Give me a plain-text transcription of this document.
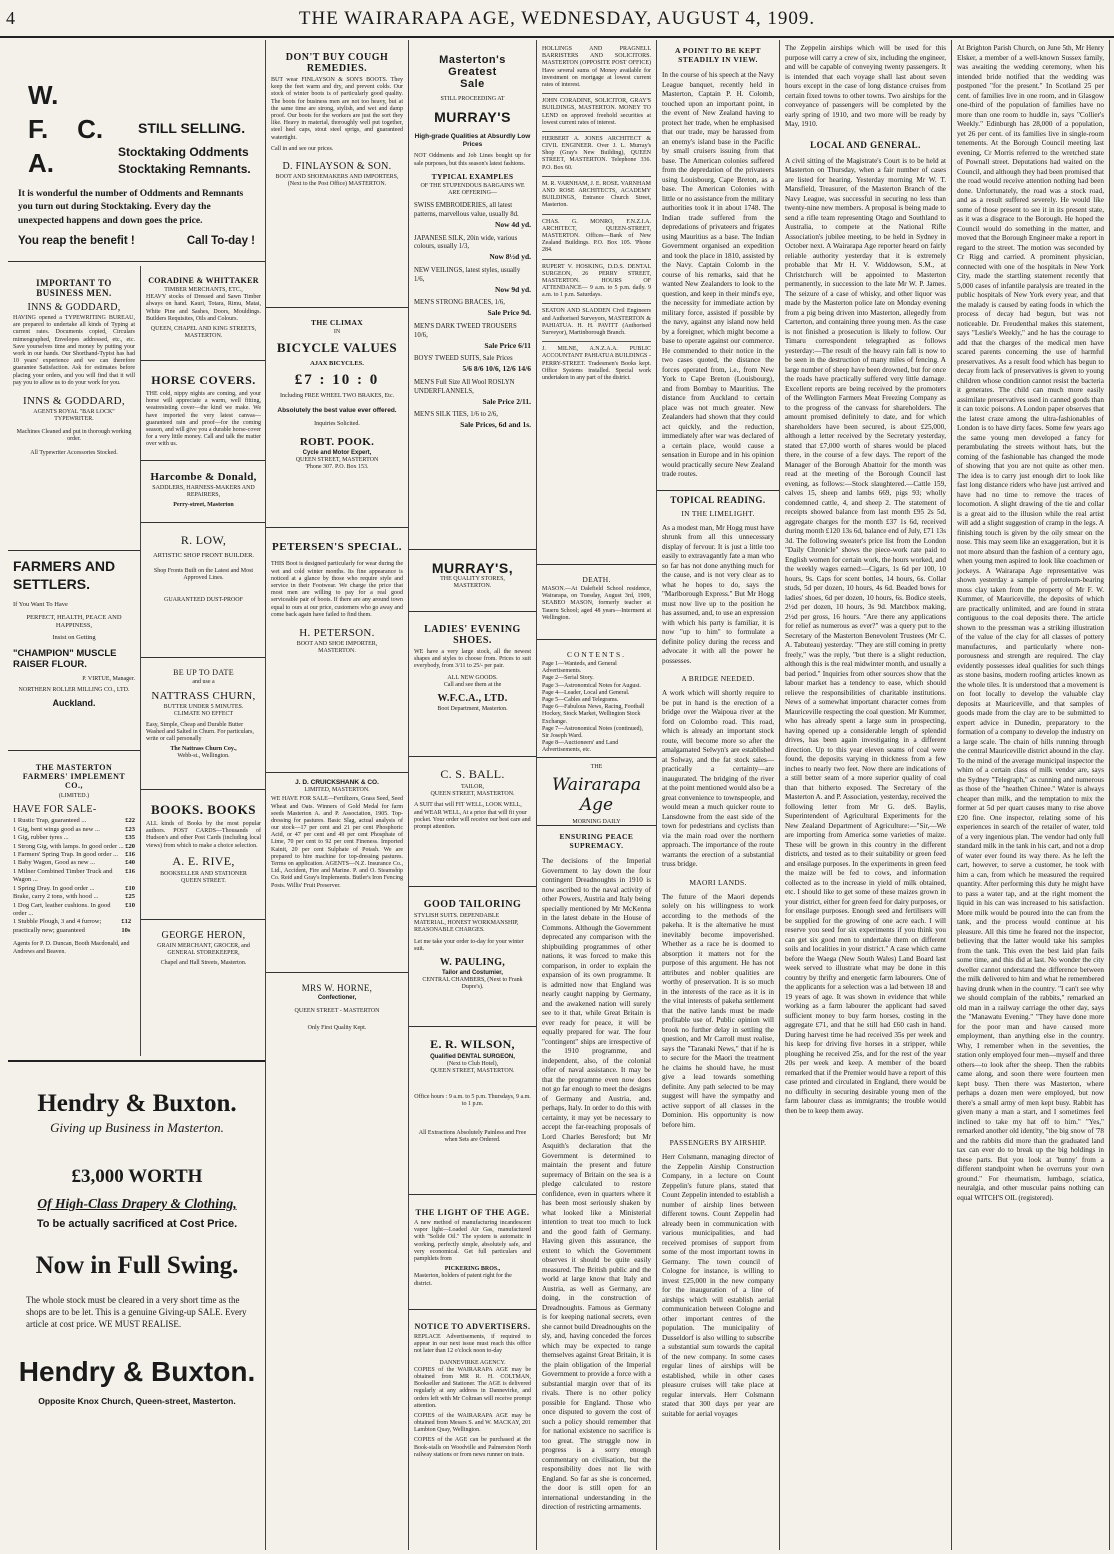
4	THE WAIRARAPA AGE, WEDNESDAY, AUGUST 4, 1909.
W.
F.    C.
A.
STILL SELLING.
Stocktaking Oddments
Stocktaking Remnants.
It is wonderful the number of Oddments and Remnants you turn out during Stocktaking. Every day the unexpected happens and down goes the price.
You reap the benefit !	Call To-day !
IMPORTANT TO BUSINESS MEN.
INNS & GODDARD,
HAVING opened a TYPEWRITING BUREAU, are prepared to undertake all kinds of Typing at current rates. Documents copied, Circulars mimeographed, Envelopes addressed, etc., etc. Save yourselves time and money by putting your work in our hands. Our Shorthand-Typist has had 10 years' experience and we can therefore guarantee Satisfaction. Ask for estimates before placing your orders, and you will find that it will pay you to allow us to do your work for you.
INNS & GODDARD,
AGENTS ROYAL "BAR LOCK" TYPEWRITER.
Machines Cleaned and put in thorough working order.
All Typewriter Accessories Stocked.
FARMERS AND SETTLERS.
If You Want To Have
PERFECT, HEALTH, PEACE AND HAPPINESS,
Insist on Getting
"CHAMPION" MUSCLE RAISER FLOUR.
P. VIRTUE, Manager.
NORTHERN ROLLER MILLING CO., LTD.
Auckland.
THE MASTERTON FARMERS' IMPLEMENT CO.,
(LIMITED.)
HAVE FOR SALE-
1 Rustic Trap, guaranteed ...	£22
1 Gig, bent wings good as new ...	£23
1 Gig, rubber tyres ...	£35
1 Strong Gig, with lamps. In good order ... £20
1 Farmers' Spring Trap. In good order ... £16
1 Baby Wagon, Good as new ...	£40
1 Milner Combined Timber Truck and Wagon ...
£16
1 Spring Dray. In good order ...	£10
Brake, carry 2 tons, with hood ...	£25
1 Dog Cart, leather cushions. In good order ...
£10
1 Stubble Plough, 3 and 4 furrow; practically new; guaranteed
£12 10s
Agents for P. D. Duncan, Booth Macdonald, and Andrews and Beaven.
CORADINE & WHITTAKER
TIMBER MERCHANTS, ETC.,
HEAVY stocks of Dressed and Sawn Timber always on hand. Kauri, Totara, Rimu, Matai, White Pine and Sashes, Doors, Mouldings. Builders Requisites, Oils and Colours.
QUEEN, CHAPEL AND KING STREETS, MASTERTON.
HORSE COVERS.
THE cold, nippy nights are coming, and your horse will appreciate a warm, well fitting, weatresisting cover—the kind we make. We have imported the very latest canvas—guaranteed rain and proof—for the coming season, and will give you a durable horse-cover for a very little money. Call and talk the matter over with us.
Harcombe & Donald,
SADDLERS, HARNESS-MAKERS AND REPAIRERS,
Perry-street, Masterton
R. LOW,
ARTISTIC SHOP FRONT BUILDER.
Shop Fronts Built on the Latest and Most Approved Lines.
GUARANTEED DUST-PROOF
BE UP TO DATE
and use a
NATTRASS CHURN,
BUTTER UNDER 5 MINUTES.
CLIMATE NO EFFECT
Easy, Simple, Cheap and Durable Butter Washed and Salted in Churn. For particulars, write or call personally
The Nattrass Churn Coy.,
Webb-st., Wellington.
BOOKS. BOOKS
ALL kinds of Books by the most popular authors. POST CARDS—Thousands of Hudson's and other Post Cards (including local views) from which to make a choice selection.
A. E. RIVE,
BOOKSELLER AND STATIONER
QUEEN STREET.
GEORGE HERON,
GRAIN MERCHANT, GROCER, and GENERAL STOREKEEPER,
Chapel and Hall Streets, Masterton.
Hendry & Buxton.
Giving up Business in Masterton.
£3,000 WORTH
Of High-Class Drapery & Clothing,
To be actually sacrificed at Cost Price.
Now in Full Swing.
The whole stock must be cleared in a very short time as the shops are to be let. This is a genuine Giving-up SALE. Every article at cost price. WE MUST REALISE.
Hendry & Buxton.
Opposite Knox Church, Queen-street, Masterton.
DON'T BUY COUGH REMEDIES.
BUT wear FINLAYSON & SON'S BOOTS. They keep the feet warm and dry, and prevent colds. Our stock of winter boots is of particularly good quality. The boots for business men are not too heavy, but at the same time are strong, stylish, and wet and damp proof. Our boots for the workers are just the sort they like. Heavy in material, thoroughly well put together, steel heel caps, stout steel sprigs, and guaranteed watertight.
Call in and see our prices.
D. FINLAYSON & SON.
BOOT AND SHOEMAKERS AND IMPORTERS,
(Next to the Post Office) MASTERTON.
THE CLIMAX
IN
BICYCLE VALUES
AJAX BICYCLES.
£7 : 10 : 0
Including FREE WHEEL TWO BRAKES, Etc.
Absolutely the best value ever offered.
Inquiries Solicited.
ROBT. POOK.
Cycle and Motor Expert,
QUEEN STREET, MASTERTON
'Phone 307. P.O. Box 153.
PETERSEN'S SPECIAL.
THIS Boot is designed particularly for wear during the wet and cold winter months. Its fine appearance is noticed at a glance by those who require style and service in their Footwear. We charge the price that most men are willing to pay for a real good serviceable pair of boots. If there are any around town equal to ours at our price, customers who go away and come back again have failed to find them.
H. PETERSON.
BOOT AND SHOE IMPORTER,
MASTERTON.
J. D. CRUICKSHANK & CO.
LIMITED, MASTERTON.
WE HAVE FOR SALE—Fertilizers, Grass Seed, Seed Wheat and Oats. Winners of Gold Medal for farm seeds Masterton A. and P. Association, 1905. Top-dressing for pastures. Basic Slag, actual analysis of our stock—17 per cent and 21 per cent Phosphoric Acid, or 47 per cent and 49 per cent Phosphate of Lime, 70 per cent to 92 per cent Fineness. Imported Kainit, 20 per cent Sulphate of Potash. We are prepared to hire machine for top-dressing pastures. Terms on application. AGENTS—N.Z. Insurance Co., Ltd., Accident, Fire and Marine. P. and O. Steamship Co. Reid and Gray's Implements. Butler's Iron Fencing Posts. Willis' Fruit Preserver.
MRS W. HORNE,
Confectioner,
QUEEN STREET - MASTERTON
Only First Quality Kept.
Masterton's
Greatest
Sale
STILL PROCEEDING AT
MURRAY'S
High-grade Qualities at Absurdly Low Prices
NOT Oddments and Job Lines bought up for sale purposes, but this season's latest fashions.
TYPICAL EXAMPLES
OF THE STUPENDOUS BARGAINS WE ARE OFFERING—
SWISS EMBROIDERIES, all latest patterns, marvellous value, usually 8d.
Now 4d yd.
JAPANESE SILK, 20in wide, various colours, usually 1/3,
Now 8½d yd.
NEW VEILINGS, latest styles, usually 1/6,
Now 9d yd.
MEN'S STRONG BRACES, 1/6,
Sale Price 9d.
MEN'S DARK TWEED TROUSERS 10/6,
Sale Price 6/11
BOYS' TWEED SUITS, Sale Prices
5/6 8/6 10/6, 12/6 14/6
MEN'S Full Size All Wool ROSLYN UNDERFLANNELS,
Sale Price 2/11.
MEN'S SILK TIES, 1/6 to 2/6,
Sale Prices, 6d and 1s.
MURRAY'S,
THE QUALITY STORES,
MASTERTON.
LADIES' EVENING SHOES.
WE have a very large stock, all the newest shapes and styles to choose from. Prices to suit everybody, from 3/11 to 25/- per pair.
ALL NEW GOODS.
Call and see them at the
W.F.C.A., LTD.
Boot Department, Masterton.
C. S. BALL.
TAILOR,
QUEEN STREET, MASTERTON.
A SUIT that will FIT WELL, LOOK WELL, and WEAR WELL, At a price that will fit your pocket. Your order will receive our best care and prompt attention.
GOOD TAILORING
STYLISH SUITS. DEPENDABLE MATERIAL, HONEST WORKMANSHIP, REASONABLE CHARGES.
Let me take your order to-day for your winter suit.
W. PAULING,
Tailor and Costumier,
CENTRAL CHAMBERS, (Next to Frank Dupre's).
E. R. WILSON,
Qualified DENTAL SURGEON,
(Next to Club Hotel),
QUEEN STREET, MASTERTON.
Office hours : 9 a.m. to 5 p.m. Thursdays, 9 a.m. to 1 p.m.
All Extractions Absolutely Painless and Free when Sets are Ordered.
THE LIGHT OF THE AGE.
A new method of manufacturing incandescent vapor light—Loaded Air Gas, manufactured with "Solide Oil." The system is automatic in working, perfectly simple, absolutely safe, and very economical. Get full particulars and pamphlets from
PICKERING BROS.,
Masterton, holders of patent right for the district.
NOTICE TO ADVERTISERS.
REPLACE Advertisements, if required to appear in our next issue must reach this office not later than 12 o'clock noon to-day
DANNEVIRKE AGENCY.
COPIES of the WAIRARAPA AGE may be obtained from MR R. H. COLTMAN, Bookseller and Stationer. The AGE is delivered regularly at any address in Dannevirke, and orders left with Mr Coltman will receive prompt attention.
COPIES of the WAIRARAPA AGE may be obtained from Messrs S. and W. MACKAY, 201 Lambton Quay, Wellington.
COPIES of the AGE can be purchased at the Book-stalls on Woodville and Palmerston North railway stations or from news runner on train.
HOLLINGS AND PRAGNELL BARRISTERS AND SOLICITORS. MASTERTON (OPPOSITE POST OFFICE) Have several sums of Money available for investment on mortgage at lowest current rates of interest.
JOHN CORADINE, SOLICITOR, GRAY'S BUILDINGS, MASTERTON. MONEY TO LEND on approved freehold securities at lowest current rates of interest.
HERBERT A. JONES ARCHITECT & CIVIL ENGINEER. Over J. L. Murray's Shop (Gray's New Building), QUEEN STREET, MASTERTON. Telephone 336. P.O. Box 60.
M. R. VARNHAM, J. E. ROSE. VARNHAM AND ROSE ARCHITECTS, ACADEMY BUILDINGS, Entrance Church Street, Masterton.
CHAS. G. MONRO, F.N.Z.I.A. ARCHITECT, QUEEN-STREET, MASTERTON. Offices—Bank of New Zealand Buildings. P.O. Box 105. 'Phone 284.
RUPERT V. HOSKING, D.D.S. DENTAL SURGEON, 26 PERRY STREET, MASTERTON. HOURS OF ATTENDANCE— 9 a.m. to 5 p.m. daily. 9 a.m. to 1 p.m. Saturdays.
SEATON AND SLADDEN Civil Engineers and Authorised Surveyors, MASTERTON & PAHIATUA. H. H. PAVITT (Authorised Surveyor), Martinborough Branch.
J. MILNE, A.N.Z.A.A. PUBLIC ACCOUNTANT PAHIATUA BUILDINGS - PERRY-STREET. Tradesmen's Books kept. Office Systems installed. Special work undertaken in any part of the district.
DEATH.
MASON.—At Dalefield School residence, Wairarapa, on Tuesday, August 3rd, 1909, SEABEO MASON, formerly teacher at Taueru School; aged 48 years—Interment at Wellington.
CONTENTS.
Page 1—Wanteds, and General Advertisements.
Page 2—Serial Story.
Page 3—Astronomical Notes for August.
Page 4—Leader, Local and General.
Page 5—Cables and Telegrams.
Page 6—Fabulous News, Racing, Football Hockey, Stock Market, Wellington Stock Exchange.
Page 7—Astronomical Notes (continued), Sir Joseph Ward.
Page 8—Auctioneers' and Land Advertisements, etc.
THE
Wairarapa Age
MORNING DAILY
ENSURING PEACE SUPREMACY.
The decisions of the Imperial Government to lay down the four contingent Dreadnoughts in 1910 is now ascribed to the naval activity of other Powers, Austria and Italy being specially mentioned by Mr McKenna in the latest debate in the House of Commons. Although the Government deprecated any comparison with the shipbuilding programmes of other nations, it was forced to make this comparison, in order to explain the expansion of its own programme. It is admitted now that England was nearly caught napping by Germany, and the awakened nation will surely see to it that, while Great Britain is ever ready for peace, it will be equally prepared for war. The four "contingent" ships are irrespective of the 1910 programme, and independent, also, of the colonial offer of naval assistance. It may be that the programme even now does not go far enough to meet the designs of Germany and Austria, and, perhaps, Italy. In order to do this with certainty, it may yet be necessary to accept the far-reaching proposals of Lord Charles Beresford; but Mr Asquith's declaration that the Government is determined to maintain the present and future supremacy of Britain on the sea is a pledge calculated to restore confidence, even in quarters where it has been most seriously shaken by what looked like a Ministerial intention to treat too much to luck and the good faith of Germany. Having given this assurance, the extent to which the Government observes it should be quite easily measured. The British public and the world at large know that Italy and Austria, as well as Germany, are doing, in the construction of Dreadnoughts. Famous as Germany is for keeping national secrets, even she cannot build Dreadnoughts on the sly, and, having conceded the forces which may be expected to range themselves against Great Britain, it is the plain obligation of the Imperial Government to provide a force with a substantial margin over that of its rivals. There is no other policy possible for England. Those who once disputed to govern the cost of such a policy should remember that for national existence no sacrifice is too great. The struggle now in progress is a sorry enough commentary on civilisation, but the responsibility does not lie with England. So far as she is concerned, the door is still open for an international understanding in the direction of restricting armaments.
A POINT TO BE KEPT STEADILY IN VIEW.
In the course of his speech at the Navy League banquet, recently held in Masterton, Captain P. H. Colomb, touched upon an important point, in the event of New Zealand having to protect her trade, when he emphasised that our trade, may be harassed from an enemy's island base in the Pacific by small cruisers issuing from that base. The American colonies suffered from the depredation of the privateers using Louisbourg, Cape Breton, as a base. The American Colonies with little or no assistance from the military authorities took it in about 1748. The Indian trade suffered from the depredations of privateers and frigates using Mauritius as a base. The Indian Government organised an expedition and took the place in 1810, assisted by the Navy. Captain Colomb in the course of his remarks, said that he wanted New Zealanders to look to the question, and keep in their mind's eye, the necessity for immediate action by military force, assisted if possible by the navy, against any island now held by a foreigner, which might become a base to operate against our commerce. He commended to their notice in the two cases quoted, the distance the forces operated from, i.e., from New York to Cape Breton (Louisbourg), and from Bombay to Mauritius. The distance from Auckland to certain place was not much greater. New Zealanders had shown that they could act quickly, and the reduction, immediately after war was declared of a certain place, would cause a sensation in Europe and in his opinion would practically secure New Zealand trade routes.
TOPICAL READING.
IN THE LIMELIGHT.
As a modest man, Mr Hogg must have shrunk from all this unnecessary display of fervour. It is just a little too easily to extravagantly fate a man who so far has not done anything much for the cause, and is not very clear as to what he hopes to do, says the "Marlborough Express." But Mr Hogg must now live up to the position he has assumed, and, to use an expression with which his party is familiar, it is now "up to him" to formulate a definite policy during the recess and advocate it with all the power he possesses.
A BRIDGE NEEDED.
A work which will shortly require to be put in hand is the erection of a bridge over the Waipoua river at the ford on Colombo road. This road, which is already an important stock route, will become more so after the amalgamated Selwyn's are established at Solway, and the fat stock sales—practically a certainty—are inaugurated. The bridging of the river at the point mentioned would also be a great convenience to townspeople, and would mean a much quicker route to Lansdowne from the east side of the town for pedestrians and cyclists than via the main road over the northern approach. The importance of the route warrants the erection of a substantial truss bridge.
MAORI LANDS.
The future of the Maori depends solely on his willingness to work according to the methods of the pakeha. It is the alternative he must inevitably become impoverished. Whether as a race he is doomed to absorption it matters not for the purpose of this argument. He has not attributes and nobler qualities are worthy of preservation. It is so much in the interests of the race as it is in the vital interests of pakeha settlement that the native lands must be made profitable use of. Public opinion will brook no further delay in settling the question, and Mr Carroll must realise, says the "Taranaki News," that if he is to secure for the Maori the treatment he claims he should have, he must give a lead towards something definite. Any path selected to be may suggest will have the sympathy and active support of all classes in the Dominion. His opportunity is now before him.
PASSENGERS BY AIRSHIP.
Herr Colsmann, managing director of the Zeppelin Airship Construction Company, in a lecture on Count Zeppelin's future plans, stated that Count Zeppelin intended to establish a number of airship lines between different towns. Count Zeppelin had already been in communication with various municipalities, and had received promises of support from some of the most important towns in Germany. The town council of Cologne for instance, is willing to invest £25,000 in the new company for the inauguration of a line of airships which will establish aerial communication between Cologne and other important centres of the population. The municipality of Dusseldorf is also willing to subscribe a substantial sum towards the capital of the new company. In some cases regular lines of airships will be established, while in other cases pleasure cruises will take place at regular intervals. Herr Colsmann stated that 300 days per year are suitable for aerial voyages
The Zeppelin airships which will be used for this purpose will carry a crew of six, including the engineer, and will be capable of conveying twenty passengers. It is intended that each voyage shall last about seven hours except in the case of long distance cruises from certain fixed towns to other towns. Two airships for the conveyance of passengers will be completed by the early spring of 1910, and two more will be ready by May, 1910.
LOCAL AND GENERAL.
A civil sitting of the Magistrate's Court is to be held at Masterton on Thursday, when a fair number of cases are listed for hearing. Yesterday morning Mr W. T. Mansfield, Treasurer, of the Masterton Branch of the Navy League, was successful in securing no less than twenty-nine new members. A proposal is being made to send a rifle team representing Otago and Southland to Australia, to compete at the National Rifle Association's jubilee meeting, to be held in Sydney in October next. A Wairarapa Age reporter heard on fairly reliable authority yesterday that it is extremely probable that Mr H. V. Widdowson, S.M., at Christchurch will be appointed to Masterton permanently, in succession to the late Mr W. P. James. The seizure of a case of whisky, and other liquor was made by the Masterton police late on Monday evening from a pig being driven into Masterton, allegedly from Carterton, and containing three young men. As the case is not finished a prosecution is likely to follow. Our Timaru correspondent telegraphed as follows yesterday:—The result of the heavy rain fall is now to be seen in the destruction of many miles of fencing. A large number of sheep have been drowned, but for once the roads have practically suffered very little damage. Excellent reports are being received by the promoters of the Wellington Farmers Meat Freezing Company as to the progress of the canvass for shareholders. The amount promised definitely to date, and for which shareholders have been secured, is about £25,000, although a letter received by the Secretary yesterday, stated that £7,000 worth of shares would be placed there, in the course of a few days. The report of the Manager of the Borough Abattoir for the month was read at the meeting of the Borough Council last evening, as follows:—Stock slaughtered.—Cattle 159, calves 15, sheep and lambs 669, pigs 93; wholly condemned cattle, 4, and sheep 2. The statement of receipts showed balance from last month £95 2s 5d, aggregate charges for the month £37 1s 6d, received during month £120 13s 6d, balance end of July, £71 13s 3d. The following sweater's price list from the London "Daily Chronicle" shows the piece-work rate paid to English women for certain work, the hours worked, and the weekly wages earned:—Cigars, 1s 6d per 100, 10 hours, 9s. Caps for scent bottles, 14 hours, 6s. Collar studs, 5d per dozen, 10 hours, 4s 6d. Beaded bows for ladies' shoes, 6d per dozen, 10 hours, 6s. Bodice steels, 2½d per dozen, 10 hours, 3s 9d. Matchbox making, 2½d per gross, 16 hours. "Are there any applications for relief as numerous as ever?" was a query put to the Secretary of the Masterton Benevolent Trustees (Mr C. A. Tabuteau) yesterday. "They are still coming in pretty freely," was the reply, "but there is a slight reduction, although this is the real midwinter month, and usually a bad period." Inquiries from other sources show that the labour market has a tendency to ease, which should relieve the responsibilities of charitable institutions. News of a somewhat important character comes from Mauriceville respecting the coal question. Mr Kummer, who has already spent a large sum in prospecting, having opened up a considerable length of splendid drives, has been again investigating in a different direction. Up to this year eleven seams of coal were found, the deposits varying in thickness from a few inches to nearly two feet. Now there are indications of a still better seam of a more superior quality of coal than that hitherto exposed. The Secretary of the Masterton A. and P. Association, yesterday, received the following letter from Mr G. deS. Baylis, Superintendent of Agricultural Experiments for the New Zealand Department of Agriculture:—"Sir,—We are importing from America some varieties of maize. These will be grown in this country in the different districts, and tested as to their suitability or green feed and ensilage purposes. In the experiments in green feed the maize will be fed to cows, and information collected as to the increase in yield of milk obtained, etc. I should like to get some of these maizes grown in your district, either for green feed for dairy purposes, or for ensilage purposes. Enough seed and fertilisers will be supplied for the growing of one acre each. I will reserve you seed for six experiments if you think you can get six good men to undertake them on different soils and localities in your district." A case which came before the Waega (New South Wales) Land Board last week served to illustrate what may be done in this country by thrifty and energetic farm labourers. One of the applicants for a selection was a lad between 18 and 19 years of age. It was shown in evidence that while working as a farm labourer the applicant had saved sufficient money to buy farm horses, costing in the aggregate £71, and that he still had £60 cash in hand. During harvest time he had received 35s per week and his keep for driving five horses in a stripper, while ploughing he received 25s, and for the rest of the year 20s per week and keep. A member of the board remarked that if the Premier would have a report of this case printed and circulated in England, there would be no difficulty in securing desirable young men of the farm labourer class as immigrants; the trouble would then be to keep them away.
At Brighton Parish Church, on June 5th, Mr Henry Elsker, a member of a well-known Sussex family, was awaiting the wedding ceremony, when his intended bride notified that the wedding was postponed "for the present." In Scotland 25 per cent. of families live in one room, and in Glasgow one-third of the population of families have no more than one room to huddle in, says "Collier's Weekly." Edinburgh has 28,000 of a population, yet 26 per cent. of its families live in single-room tenements. At the Borough Council meeting last evening, Cr Morris referred to the wretched state of Pownall street. Deputations had waited on the Council, and although they had been promised that the road would receive attention nothing had been done. Unfortunately, the road was a stock road, and as a result suffered severely. He would like some of those present to see it in its present state, as it was a disgrace to the Borough. He hoped the Council would do something in the matter, and moved that the Borough Engineer make a report in regard to the street. The motion was seconded by Cr Rigg and carried. A prominent physician, connected with one of the hospitals in New York City, made the startling statement recently that 5,000 cases of infantile paralysis are treated in the public hospitals of New York every year, and that the malady is caused by eating foods in which the process of decay had begun, but was not noticeable. Dr. Freudenthal makes this statement, says "Leslie's Weekly," and he has the courage to add that the charges of the medical men have scared parents concerning the use of harmful preservatives. As a result food which has begun to decay from lack of preservatives is given to young children whose condition cannot resist the bacteria it generates. The child can much more easily assimilate preservatives used in canned goods than it can toxic poisons. A London paper observes that the latest craze among the ultra-fashionables of London is to have dirty faces. Some few years ago the same young men developed a fancy for perambulating the streets without hats, but the coming of the fashionable has changed the mode of showing that you are not quite as other men. The idea is to carry just enough dirt to look like fast long distance riders who have just arrived and have had no time to remove the traces of locomotion. A slight drawing of the tie and collar is a great aid to the illusion while the real artist will add a slight suggestion of cramp in the legs. A finishing touch is given by the oily smear on the nose. This may seem like an exaggeration, but it is not more absurd than the fashion of a century ago, when young men aspired to look like coachmen or jockeys. A Wairarapa Age representative was shown yesterday a sample of petroleum-bearing moss clay taken from the property of Mr F. W. Kummer, of Mauriceville, the deposits of which are practically unlimited, and are found in strata contiguous to the coal deposits there. The article shown to the pressman was a striking illustration of the value of the clay for all classes of pottery manufactures, and particularly where non-porousness and strength are required. The clay evidently possesses ideal qualities for such things as stone basins, modern roofing articles known as the whole tiles. It is understood that a movement is on foot locally to develop the valuable clay deposits at Mauriceville, and that samples of goods made from the clay are to be submitted to expert advice in Dunedin, preparatory to the formation of a company to develop the industry on a large scale. The chain of hills running through the central Mauriceville district abound in the clay. To the mind of the average municipal inspector the whim of a certain class of milk vendor are, says the Sydney "Telegraph," as cunning and numerous as those of the "heathen Chinee." Water is always cheaper than milk, and the temptation to mix the former at 5d per quart causes many to rise above £20 fine. One inspector, relating some of his experiences in search of the retailer of water, told of a very ingenious plan. The vendor had only full standard milk in the tank in his cart, and not a drop of water ever found its way there. As he left the cart, however, to serve a customer, he took with him a can, from which he measured the required quantity. After performing this duty he might have to pass a water tap, and at the right moment the liquid in his can was increased to his satisfaction. More milk would be poured into the can from the tank, and the process would continue at his pleasure. All this time he feared not the inspector, believing that the latter would take his samples from the tank. This even the best laid plan fails some time, and this did at last. No wonder the city dweller cannot understand the difference between the milk delivered to him and what he remembered having drunk when in the country. "I can't see why we should complain of the rabbits," remarked an old man in a railway carriage the other day, says the "Manawatu Evening." "They have done more for the poor man and have caused more employment, than anything else in the country. Why, I remember when in the seventies, the station only employed four men—myself and three others—to look after the sheep. Then the rabbits came along, and soon there were fourteen men kept busy. Then there was Masterton, where perhaps a dozen men were employed, but now there's a small army of men kept busy. Rabbit has given many a man a start, and I sometimes feel inclined to take my hat off to him." "Yes," remarked another old identity, "the big snow of '78 and the rabbits did more than the graduated land tax can ever do to break up the big holdings in these parts. But you look at 'bunny' from a different standpoint when he overruns your own ground." For rheumatism, lumbago, sciatica, neuralgia, and other muscular pains nothing can equal WITCH'S OIL (registered).
